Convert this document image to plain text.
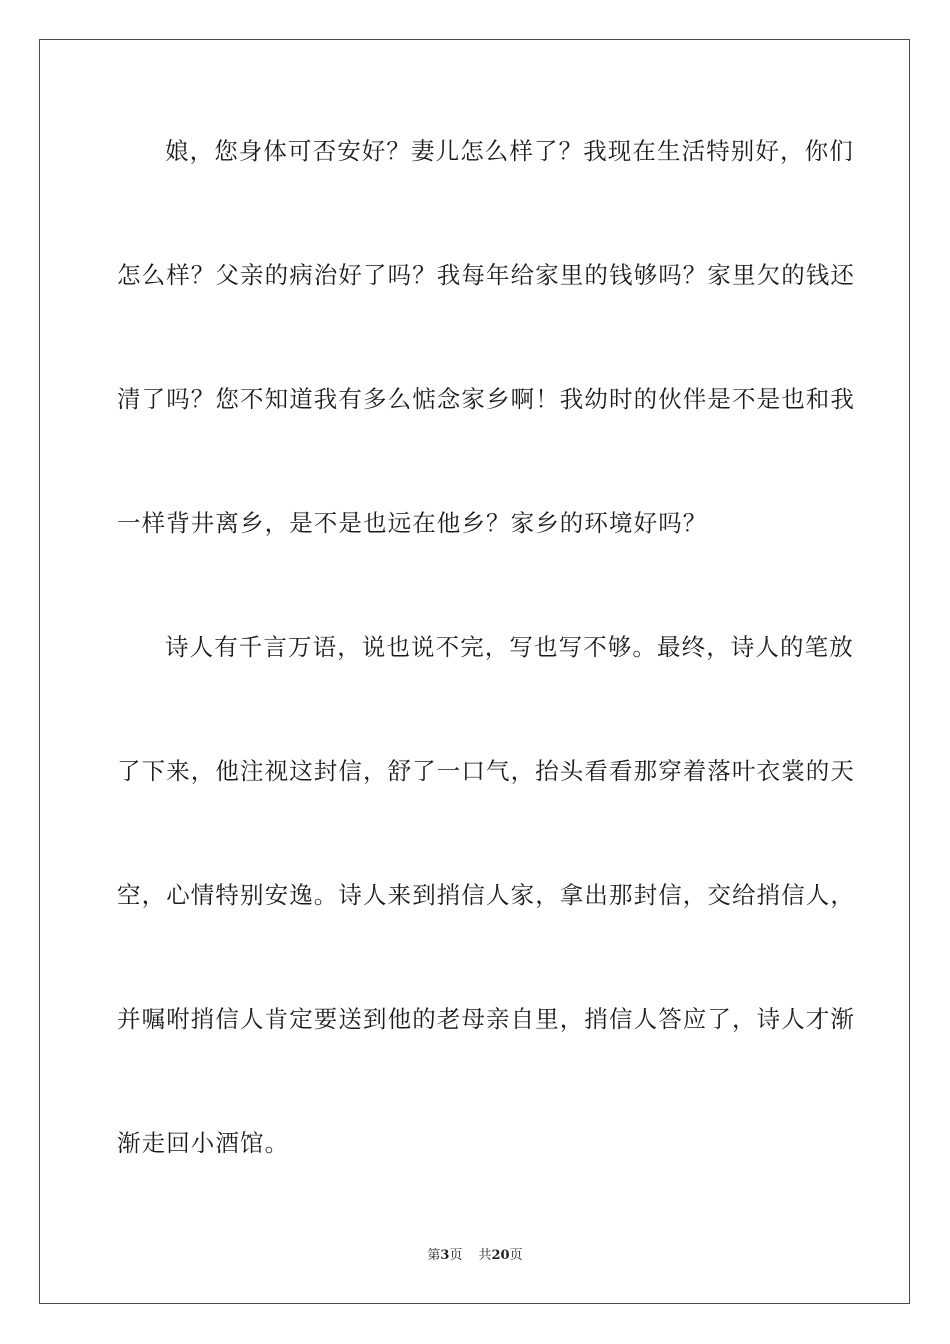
娘，您身体可否安好？妻儿怎么样了？我现在生活特别好，你们
怎么样？父亲的病治好了吗？我每年给家里的钱够吗？家里欠的钱还
清了吗？您不知道我有多么惦念家乡啊！我幼时的伙伴是不是也和我
一样背井离乡，是不是也远在他乡？家乡的环境好吗？
诗人有千言万语，说也说不完，写也写不够。最终，诗人的笔放
了下来，他注视这封信，舒了一口气，抬头看看那穿着落叶衣裳的天
空，心情特别安逸。诗人来到捎信人家，拿出那封信，交给捎信人，
并嘱咐捎信人肯定要送到他的老母亲自里，捎信人答应了，诗人才渐
渐走回小酒馆。
第3页 共20页
